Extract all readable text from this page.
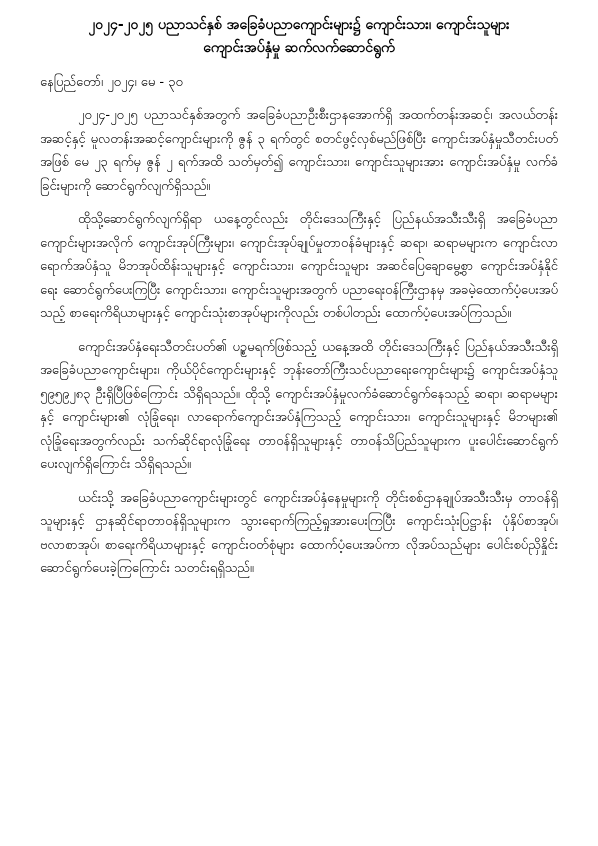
၂၀၂၄-၂၀၂၅ ပညာသင်နှစ် အခြေခံပညာကျောင်းများ၌ ကျောင်းသား၊ ကျောင်းသူများ
ကျောင်းအပ်နှံမှု ဆက်လက်ဆောင်ရွက်
နေပြည်တော်၊ ၂၀၂၄၊ မေ - ၃၀

၂၀၂၄-၂၀၂၅ ပညာသင်နှစ်အတွက် အခြေခံပညာဦးစီးဌာနအောက်ရှိ အထက်တန်းအဆင့်၊ အလယ်တန်းအဆင့်နှင့် မူလတန်းအဆင့်ကျောင်းများကို ဇွန် ၃ ရက်တွင် စတင်ဖွင့်လှစ်မည်ဖြစ်ပြီး ကျောင်းအပ်နှံမှုသီတင်းပတ်အဖြစ် မေ ၂၃ ရက်မှ ဇွန် ၂ ရက်အထိ သတ်မှတ်၍ ကျောင်းသား၊ ကျောင်းသူများအား ကျောင်းအပ်နှံမှု လက်ခံခြင်းများကို ဆောင်ရွက်လျက်ရှိသည်။

ထိုသို့ဆောင်ရွက်လျက်ရှိရာ ယနေ့တွင်လည်း တိုင်းဒေသကြီးနှင့် ပြည်နယ်အသီးသီးရှိ အခြေခံပညာ ကျောင်းများအလိုက် ကျောင်းအုပ်ကြီးများ၊ ကျောင်းအုပ်ချုပ်မှုတာဝန်ခံများနှင့် ဆရာ၊ ဆရာမများက ကျောင်းလာရောက်အပ်နှံသူ မိဘအုပ်ထိန်းသူများနှင့် ကျောင်းသား၊ ကျောင်းသူများ အဆင်ပြေချောမွေ့စွာ ကျောင်းအပ်နှံနိုင်ရေး ဆောင်ရွက်ပေးကြပြီး ကျောင်းသား၊ ကျောင်းသူများအတွက် ပညာရေးဝန်ကြီးဌာနမှ အခမဲ့ထောက်ပံ့ပေးအပ်သည့် စာရေးကိရိယာများနှင့် ကျောင်းသုံးစာအုပ်များကိုလည်း တစ်ပါတည်း ထောက်ပံ့ပေးအပ်ကြသည်။

ကျောင်းအပ်နှံရေးသီတင်းပတ်၏ ပဉ္စမရက်ဖြစ်သည့် ယနေ့အထိ တိုင်းဒေသကြီးနှင့် ပြည်နယ်အသီးသီးရှိ အခြေခံပညာကျောင်းများ၊ ကိုယ်ပိုင်ကျောင်းများနှင့် ဘုန်းတော်ကြီးသင်ပညာရေးကျောင်းများ၌ ကျောင်းအပ်နှံသူ ၅၉၅၉၂၈၃ ဦးရှိပြီဖြစ်ကြောင်း သိရှိရသည်။ ထိုသို့ ကျောင်းအပ်နှံမှုလက်ခံဆောင်ရွက်နေသည့် ဆရာ၊ ဆရာမများနှင့် ကျောင်းများ၏ လုံခြုံရေး၊ လာရောက်ကျောင်းအပ်နှံကြသည့် ကျောင်းသား၊ ကျောင်းသူများနှင့် မိဘများ၏ လုံခြုံရေးအတွက်လည်း သက်ဆိုင်ရာလုံခြုံရေး တာဝန်ရှိသူများနှင့် တာဝန်သိပြည်သူများက ပူးပေါင်းဆောင်ရွက်ပေးလျက်ရှိကြောင်း သိရှိရသည်။

ယင်းသို့ အခြေခံပညာကျောင်းများတွင် ကျောင်းအပ်နှံနေမှုများကို တိုင်းစစ်ဌာနချုပ်အသီးသီးမှ တာဝန်ရှိသူများနှင့် ဌာနဆိုင်ရာတာဝန်ရှိသူများက သွားရောက်ကြည့်ရှုအားပေးကြပြီး ကျောင်းသုံးပြဋ္ဌာန်း ပုံနှိပ်စာအုပ်၊ ဗလာစာအုပ်၊ စာရေးကိရိယာများနှင့် ကျောင်းဝတ်စုံများ ထောက်ပံ့ပေးအပ်ကာ လိုအပ်သည်များ ပေါင်းစပ်ညှိနှိုင်းဆောင်ရွက်ပေးခဲ့ကြကြောင်း သတင်းရရှိသည်။
